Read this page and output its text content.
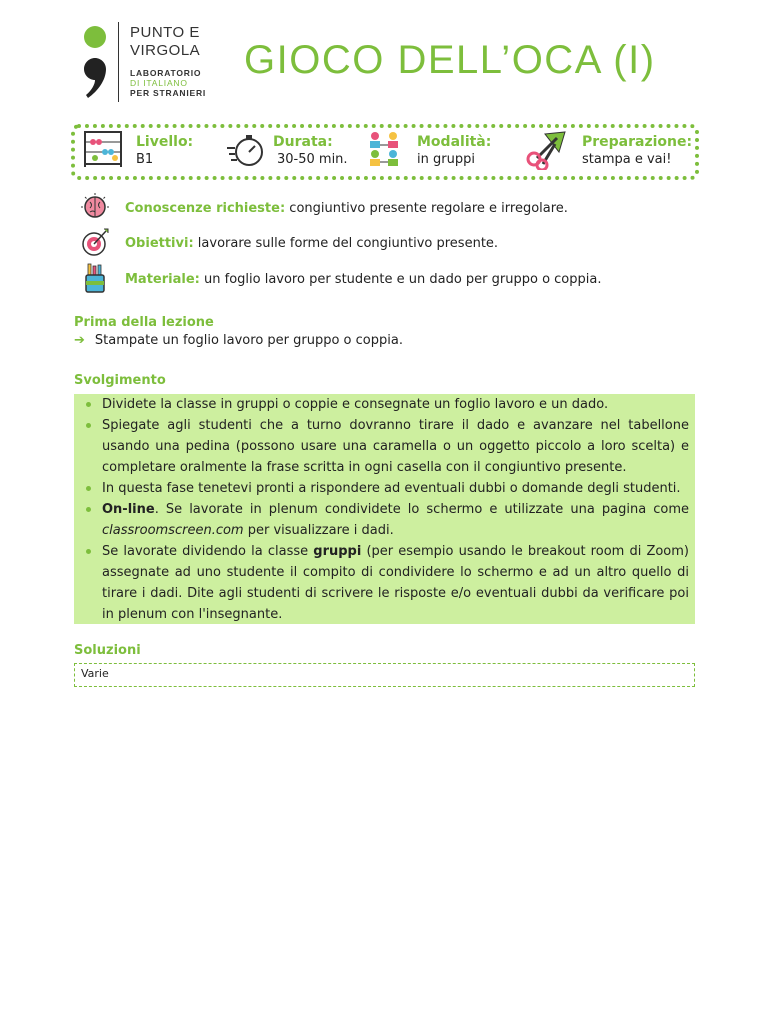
PUNTO E
VIRGOLA
LABORATORIO
DI ITALIANO
PER STRANIERI
GIOCO DELL’OCA (I)
Livello:
B1
Durata:
30-50 min.
Modalità:
in gruppi
Preparazione:
stampa e vai!
Conoscenze richieste: congiuntivo presente regolare e irregolare.
Obiettivi: lavorare sulle forme del congiuntivo presente.
Materiale: un foglio lavoro per studente e un dado per gruppo o coppia.
Prima della lezione
➔ Stampate un foglio lavoro per gruppo o coppia.
Svolgimento
Dividete la classe in gruppi o coppie e consegnate un foglio lavoro e un dado.
Spiegate agli studenti che a turno dovranno tirare il dado e avanzare nel tabellone usando una pedina (possono usare una caramella o un oggetto piccolo a loro scelta) e completare oralmente la frase scritta in ogni casella con il congiuntivo presente.
In questa fase tenetevi pronti a rispondere ad eventuali dubbi o domande degli studenti.
On-line. Se lavorate in plenum condividete lo schermo e utilizzate una pagina come classroomscreen.com per visualizzare i dadi.
Se lavorate dividendo la classe gruppi (per esempio usando le breakout room di Zoom) assegnate ad uno studente il compito di condividere lo schermo e ad un altro quello di tirare i dadi. Dite agli studenti di scrivere le risposte e/o eventuali dubbi da verificare poi in plenum con l'insegnante.
Soluzioni
Varie
